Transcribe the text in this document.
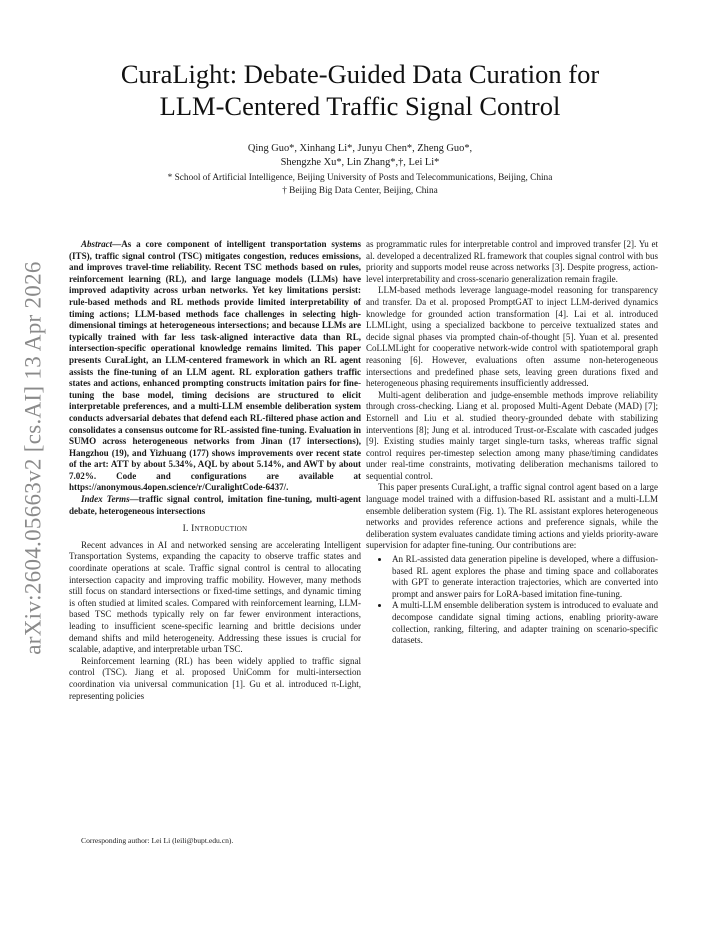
arXiv:2604.05663v2 [cs.AI] 13 Apr 2026
CuraLight: Debate-Guided Data Curation for
LLM-Centered Traffic Signal Control
Qing Guo*, Xinhang Li*, Junyu Chen*, Zheng Guo*,
Shengzhe Xu*, Lin Zhang*,†, Lei Li*
* School of Artificial Intelligence, Beijing University of Posts and Telecommunications, Beijing, China
† Beijing Big Data Center, Beijing, China

Abstract—As a core component of intelligent transportation systems (ITS), traffic signal control (TSC) mitigates congestion, reduces emissions, and improves travel-time reliability. Recent TSC methods based on rules, reinforcement learning (RL), and large language models (LLMs) have improved adaptivity across urban networks. Yet key limitations persist: rule-based methods and RL methods provide limited interpretability of timing actions; LLM-based methods face challenges in selecting high-dimensional timings at heterogeneous intersections; and because LLMs are typically trained with far less task-aligned interactive data than RL, intersection-specific operational knowledge remains limited. This paper presents CuraLight, an LLM-centered framework in which an RL agent assists the fine-tuning of an LLM agent. RL exploration gathers traffic states and actions, enhanced prompting constructs imitation pairs for fine-tuning the base model, timing decisions are structured to elicit interpretable preferences, and a multi-LLM ensemble deliberation system conducts adversarial debates that defend each RL-filtered phase action and consolidates a consensus outcome for RL-assisted fine-tuning. Evaluation in SUMO across heterogeneous networks from Jinan (17 intersections), Hangzhou (19), and Yizhuang (177) shows improvements over recent state of the art: ATT by about 5.34%, AQL by about 5.14%, and AWT by about 7.02%. Code and configurations are available at https://anonymous.4open.science/r/CuralightCode-6437/.

Index Terms—traffic signal control, imitation fine-tuning, multi-agent debate, heterogeneous intersections

I. Introduction

Recent advances in AI and networked sensing are accelerating Intelligent Transportation Systems, expanding the capacity to observe traffic states and coordinate operations at scale. Traffic signal control is central to allocating intersection capacity and improving traffic mobility. However, many methods still focus on standard intersections or fixed-time settings, and dynamic timing is often studied at limited scales. Compared with reinforcement learning, LLM-based TSC methods typically rely on far fewer environment interactions, leading to insufficient scene-specific learning and brittle decisions under demand shifts and mild heterogeneity. Addressing these issues is crucial for scalable, adaptive, and interpretable urban TSC.

Reinforcement learning (RL) has been widely applied to traffic signal control (TSC). Jiang et al. proposed UniComm for multi-intersection coordination via universal communication [1]. Gu et al. introduced π-Light, representing policies

as programmatic rules for interpretable control and improved transfer [2]. Yu et al. developed a decentralized RL framework that couples signal control with bus priority and supports model reuse across networks [3]. Despite progress, action-level interpretability and cross-scenario generalization remain fragile.

LLM-based methods leverage language-model reasoning for transparency and transfer. Da et al. proposed PromptGAT to inject LLM-derived dynamics knowledge for grounded action transformation [4]. Lai et al. introduced LLMLight, using a specialized backbone to perceive textualized states and decide signal phases via prompted chain-of-thought [5]. Yuan et al. presented CoLLMLight for cooperative network-wide control with spatiotemporal graph reasoning [6]. However, evaluations often assume non-heterogeneous intersections and predefined phase sets, leaving green durations fixed and heterogeneous phasing requirements insufficiently addressed.

Multi-agent deliberation and judge-ensemble methods improve reliability through cross-checking. Liang et al. proposed Multi-Agent Debate (MAD) [7]; Estornell and Liu et al. studied theory-grounded debate with stabilizing interventions [8]; Jung et al. introduced Trust-or-Escalate with cascaded judges [9]. Existing studies mainly target single-turn tasks, whereas traffic signal control requires per-timestep selection among many phase/timing candidates under real-time constraints, motivating deliberation mechanisms tailored to sequential control.

This paper presents CuraLight, a traffic signal control agent based on a large language model trained with a diffusion-based RL assistant and a multi-LLM ensemble deliberation system (Fig. 1). The RL assistant explores heterogeneous networks and provides reference actions and preference signals, while the deliberation system evaluates candidate timing actions and yields priority-aware supervision for adapter fine-tuning. Our contributions are:

• An RL-assisted data generation pipeline is developed, where a diffusion-based RL agent explores the phase and timing space and collaborates with GPT to generate interaction trajectories, which are converted into prompt and answer pairs for LoRA-based imitation fine-tuning.
• A multi-LLM ensemble deliberation system is introduced to evaluate and decompose candidate signal timing actions, enabling priority-aware collection, ranking, filtering, and adapter training on scenario-specific datasets.
Corresponding author: Lei Li (leili@bupt.edu.cn).
